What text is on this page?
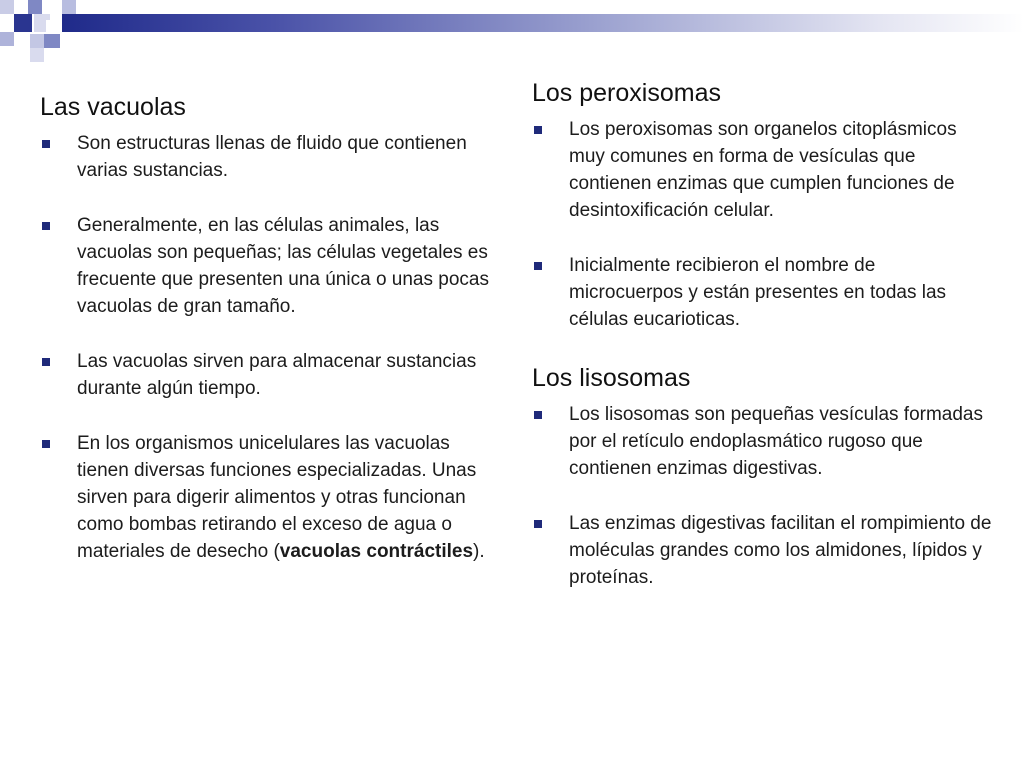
Las vacuolas
Son estructuras llenas de fluido que contienen varias sustancias.
Generalmente, en las células animales, las vacuolas son pequeñas; las células vegetales es frecuente que presenten una única o unas pocas vacuolas de gran tamaño.
Las vacuolas sirven para almacenar sustancias durante algún tiempo.
En los organismos unicelulares las vacuolas tienen diversas funciones especializadas. Unas sirven para digerir alimentos y otras funcionan como bombas retirando el exceso de agua o materiales de desecho (vacuolas contráctiles).
Los peroxisomas
Los peroxisomas son organelos citoplásmicos muy comunes en forma de vesículas que contienen enzimas que cumplen funciones de desintoxificación celular.
Inicialmente recibieron el nombre de microcuerpos y están presentes en todas las células eucarioticas.
Los lisosomas
Los lisosomas son pequeñas vesículas formadas por el retículo endoplasmático rugoso que contienen enzimas digestivas.
Las enzimas digestivas facilitan el rompimiento de moléculas grandes como los almidones, lípidos y proteínas.
